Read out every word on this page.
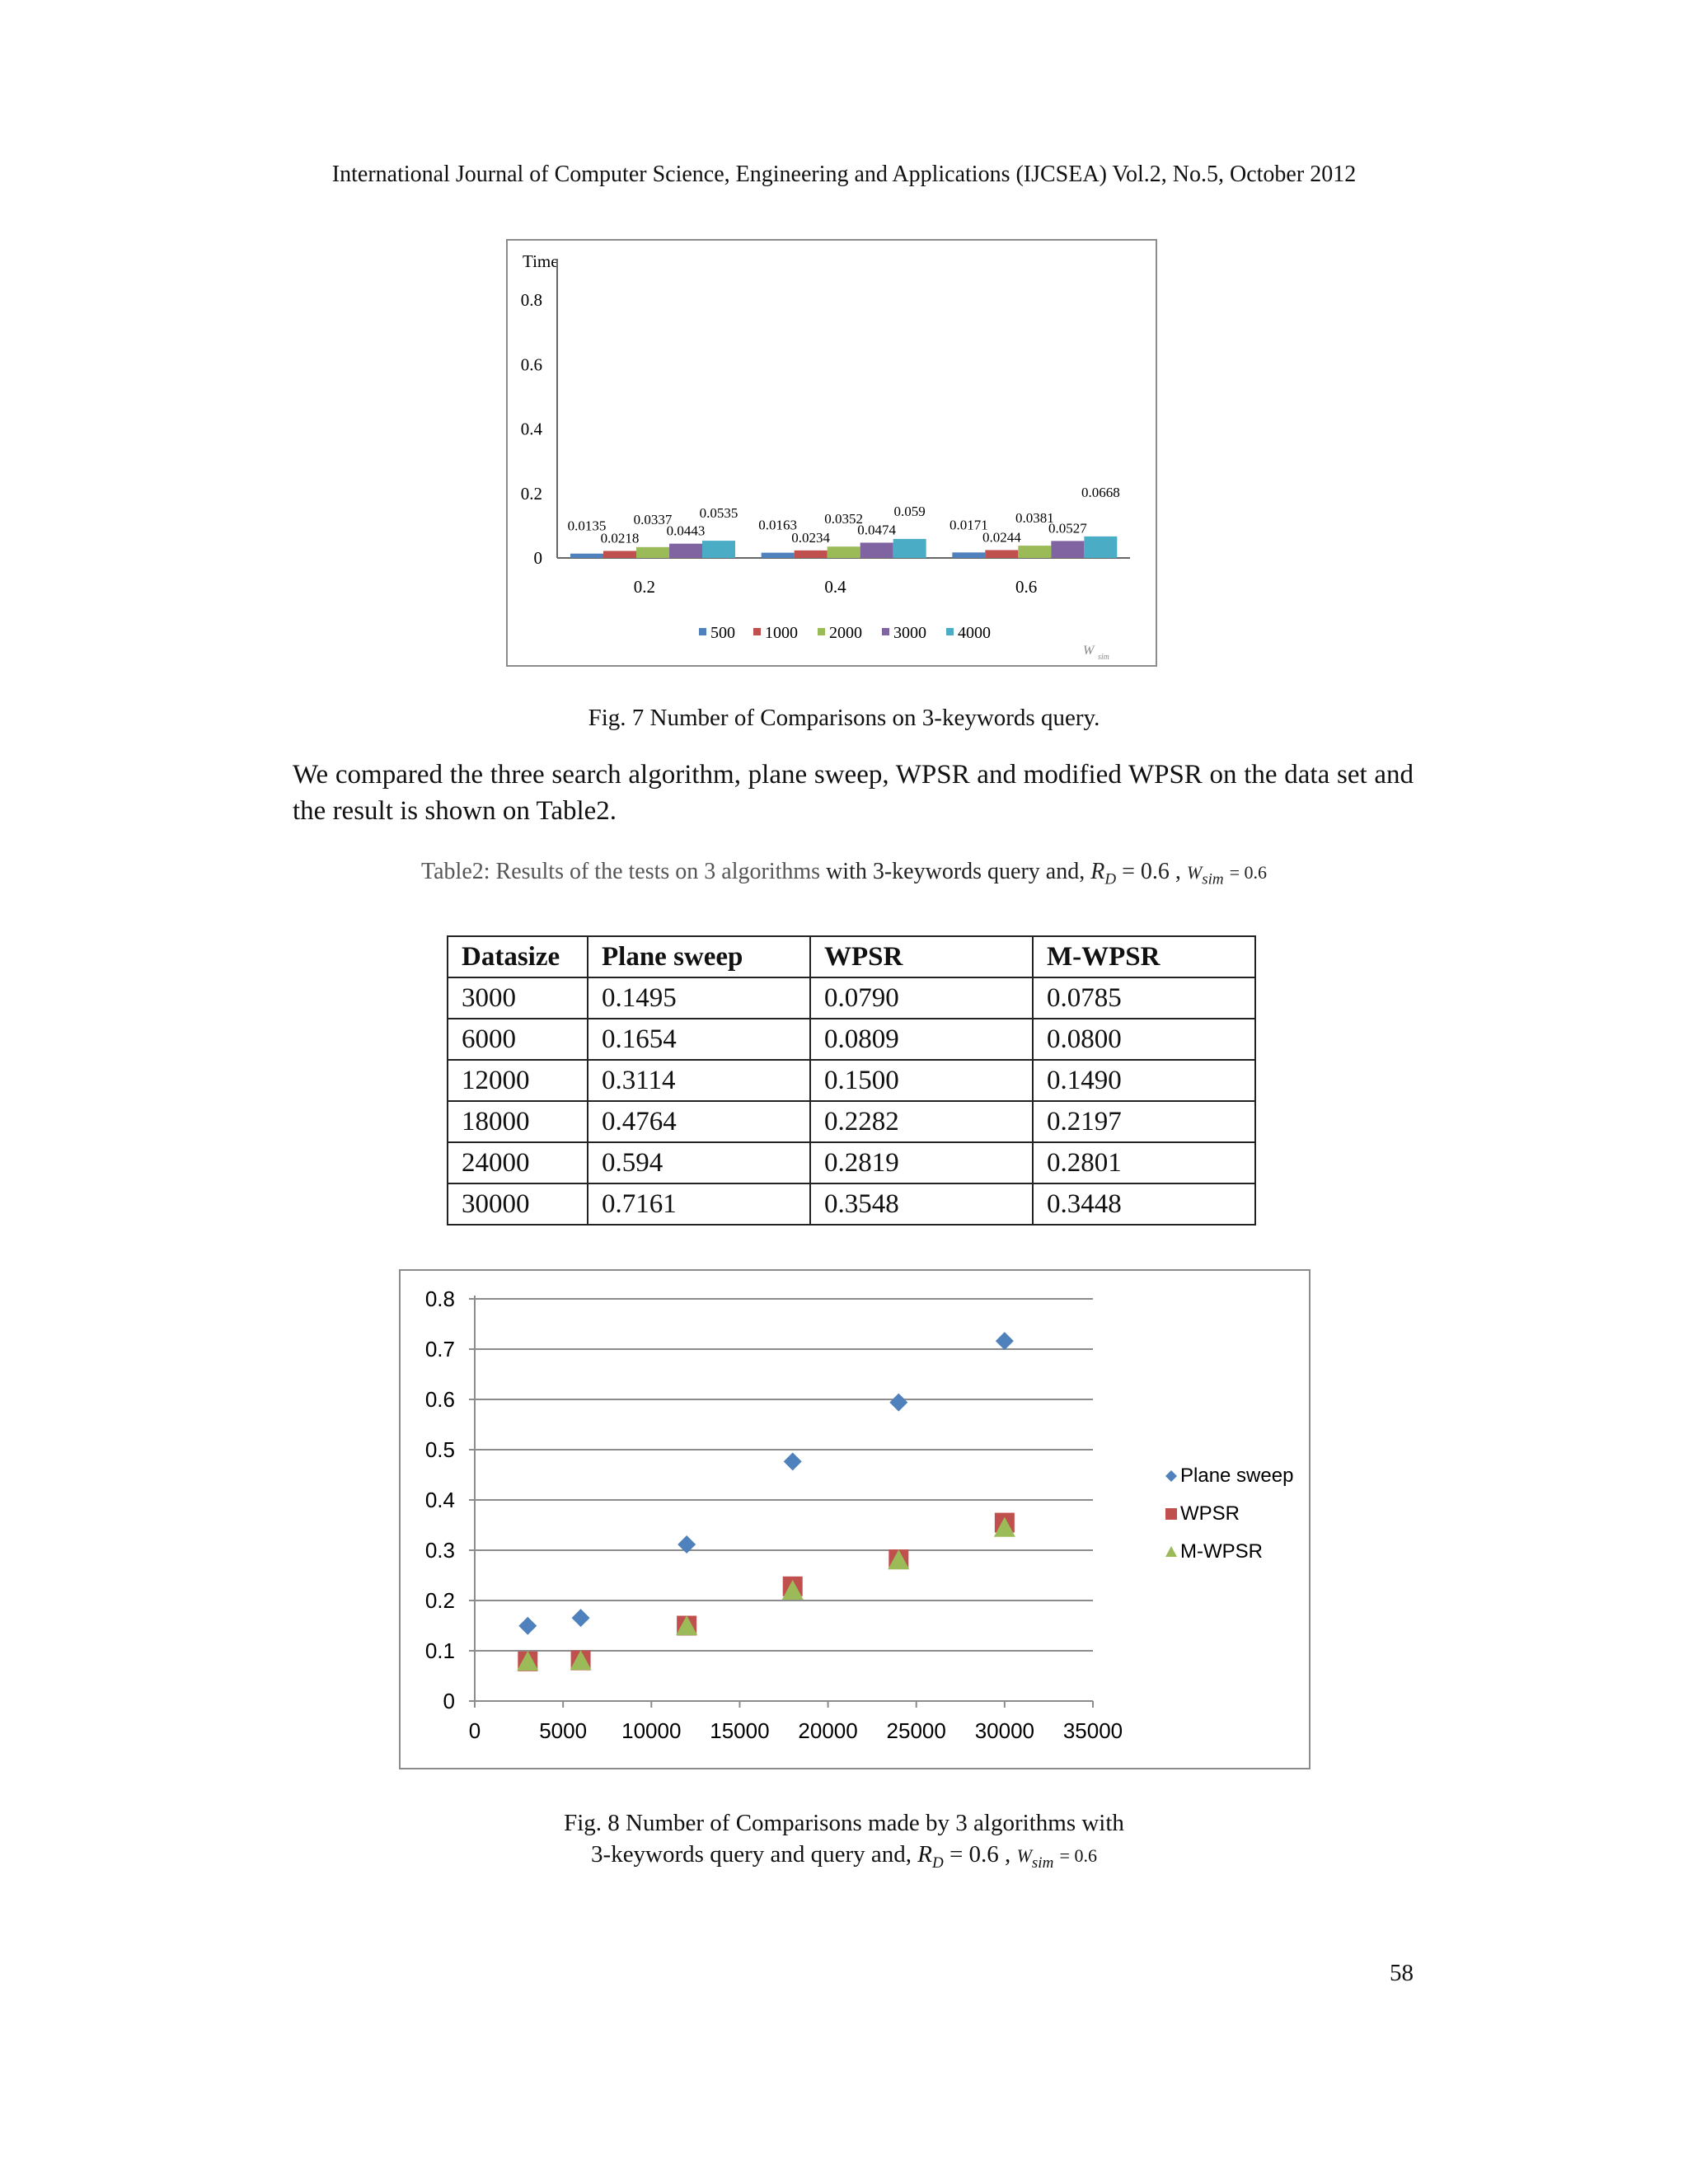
International Journal of Computer Science, Engineering and Applications (IJCSEA) Vol.2, No.5, October 2012
Time
0
0.2
0.4
0.6
0.8
0.2
0.0135
0.0218
0.0337
0.0443
0.0535
0.4
0.0163
0.0234
0.0352
0.0474
0.059
0.6
0.0171
0.0244
0.0381
0.0527
0.0668
500 1000 2000 3000 4000
W sim
Fig. 7 Number of Comparisons on 3-keywords query.
We compared the three search algorithm, plane sweep, WPSR and modified WPSR on the data set and the result is shown on Table2.
Table2: Results of the tests on 3 algorithms with 3-keywords query and, $R_D = 0.6$ , $W_{sim} = 0.6$
Datasize	Plane sweep	WPSR	M-WPSR
3000	0.1495	0.0790	0.0785
6000	0.1654	0.0809	0.0800
12000	0.3114	0.1500	0.1490
18000	0.4764	0.2282	0.2197
24000	0.594	0.2819	0.2801
30000	0.7161	0.3548	0.3448
0
0.1
0.2
0.3
0.4
0.5
0.6
0.7
0.8
0	5000 10000 15000 20000 25000 30000 35000
Plane sweep
WPSR
M-WPSR
Fig. 8 Number of Comparisons made by 3 algorithms with
3-keywords query and query and, $R_D = 0.6$ , $W_{sim} = 0.6$
58
